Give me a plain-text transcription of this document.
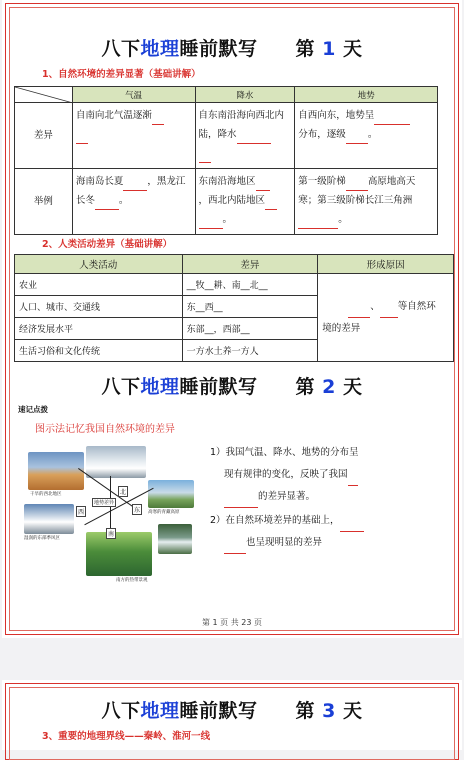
八下地理睡前默写 第 1 天
1、自然环境的差异显著（基础讲解）
	气温	降水	地势
差异	自南向北气温逐渐	自东南沿海向西北内陆，降水	自西向东，地势呈
分布，逐级 。
举例	海南岛长夏 ，黑龙江长冬 。	东南沿海地区
，西北内陆地区
。	第一级阶梯 高原地高天寒；第三级阶梯长江三角洲。
2、人类活动差异（基础讲解）
人类活动	差异	形成原因
农业	__牧__耕、南__北__	、 等自然环
境的差异
人口、城市、交通线	东__西__	
经济发展水平	东部__，西部__	
生活习俗和文化传统	一方水土养一方人	
八下地理睡前默写 第 2 天
速记点拨
图示法记忆我国自然环境的差异
干旱的西北地区
高寒的青藏高原
湿润的东部季风区
南方的热带景观
北
西	东
南
地势差异
1）我国气温、降水、地势的分布呈
现有规律的变化，反映了我国
的差异显著。
2）在自然环境差异的基础上，
也呈现明显的差异
第 1 页 共 23 页
八下地理睡前默写 第 3 天
3、重要的地理界线——秦岭、淮河一线
